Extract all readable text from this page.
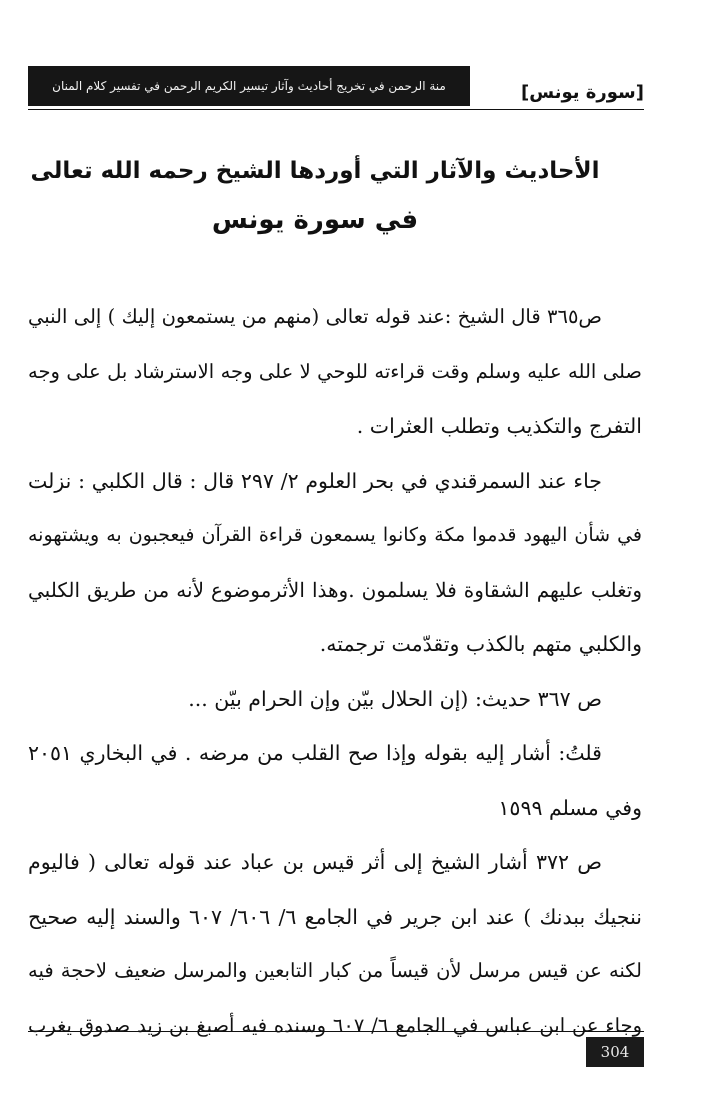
منة الرحمن في تخريج أحاديث وآثار تيسير الكريم الرحمن في تفسير كلام المنان	[سورة يونس]
الأحاديث والآثار التي أوردها الشيخ رحمه الله تعالى
في سورة يونس
ص٣٦٥ قال الشيخ :عند قوله تعالى (منهم من يستمعون إليك ) إلى النبي
صلى الله عليه وسلم وقت قراءته للوحي لا على وجه الاسترشاد بل على وجه
التفرج والتكذيب وتطلب العثرات .
جاء عند السمرقندي في بحر العلوم ٢/ ٢٩٧ قال : قال الكلبي : نزلت
في شأن اليهود قدموا مكة وكانوا يسمعون قراءة القرآن فيعجبون به ويشتهونه
وتغلب عليهم الشقاوة فلا يسلمون .وهذا الأثرموضوع لأنه من طريق الكلبي
والكلبي متهم بالكذب وتقدّمت ترجمته.
ص ٣٦٧ حديث: (إن الحلال بيّن وإن الحرام بيّن ...
قلتُ: أشار إليه بقوله وإذا صح القلب من مرضه . في البخاري ٢٠٥١
وفي مسلم ١٥٩٩
ص ٣٧٢ أشار الشيخ إلى أثر قيس بن عباد عند قوله تعالى ( فاليوم
ننجيك ببدنك ) عند ابن جرير في الجامع ٦/ ٦٠٦/ ٦٠٧ والسند إليه صحيح
لكنه عن قيس مرسل لأن قيساً من كبار التابعين والمرسل ضعيف لاحجة فيه
وجاء عن ابن عباس في الجامع ٦/ ٦٠٧ وسنده فيه أصبغ بن زيد صدوق يغرب
304
